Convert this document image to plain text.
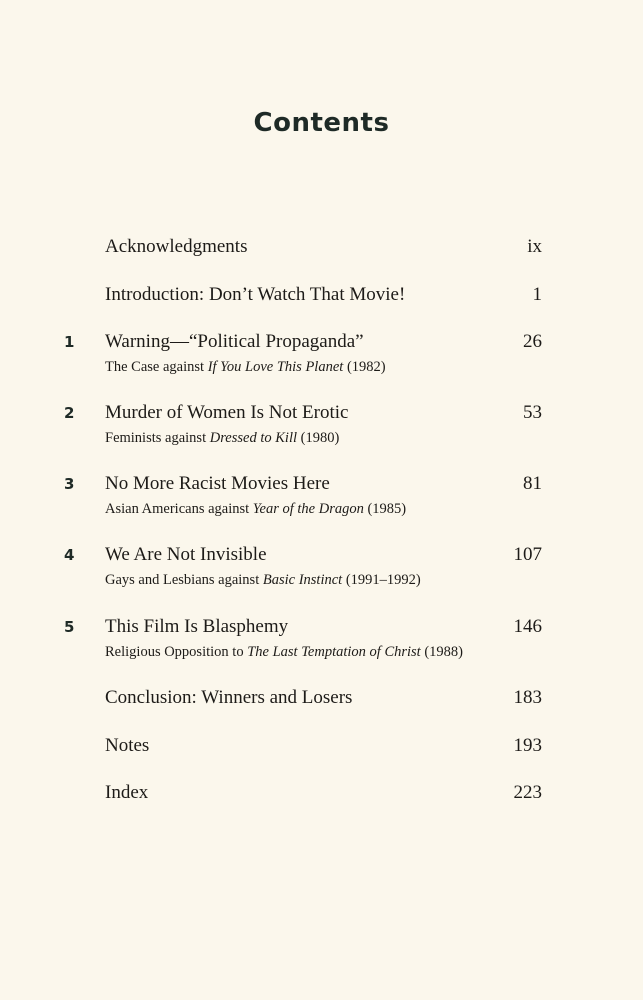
Contents
Acknowledgments	ix
Introduction: Don’t Watch That Movie!	1
1 Warning—“Political Propaganda”	26
The Case against If You Love This Planet (1982)
2 Murder of Women Is Not Erotic	53
Feminists against Dressed to Kill (1980)
3 No More Racist Movies Here	81
Asian Americans against Year of the Dragon (1985)
4 We Are Not Invisible	107
Gays and Lesbians against Basic Instinct (1991–1992)
5 This Film Is Blasphemy	146
Religious Opposition to The Last Temptation of Christ (1988)
Conclusion: Winners and Losers	183
Notes	193
Index	223
